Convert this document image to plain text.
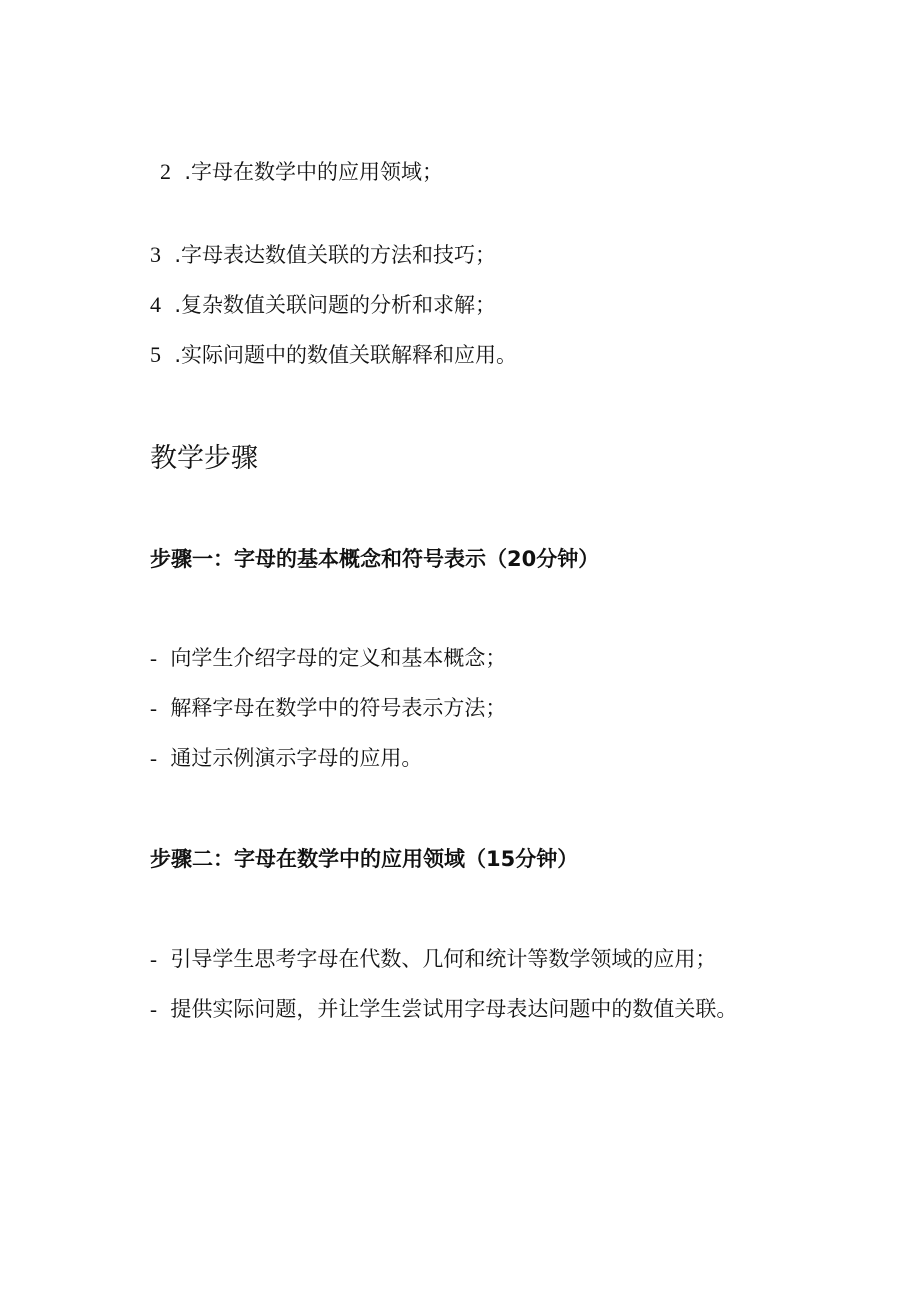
2 .字母在数学中的应用领域；
3 .字母表达数值关联的方法和技巧；
4 .复杂数值关联问题的分析和求解；
5 .实际问题中的数值关联解释和应用。
教学步骤
步骤一：字母的基本概念和符号表示（20分钟）
- 向学生介绍字母的定义和基本概念；
- 解释字母在数学中的符号表示方法；
- 通过示例演示字母的应用。
步骤二：字母在数学中的应用领域（15分钟）
- 引导学生思考字母在代数、几何和统计等数学领域的应用；
- 提供实际问题，并让学生尝试用字母表达问题中的数值关联。
